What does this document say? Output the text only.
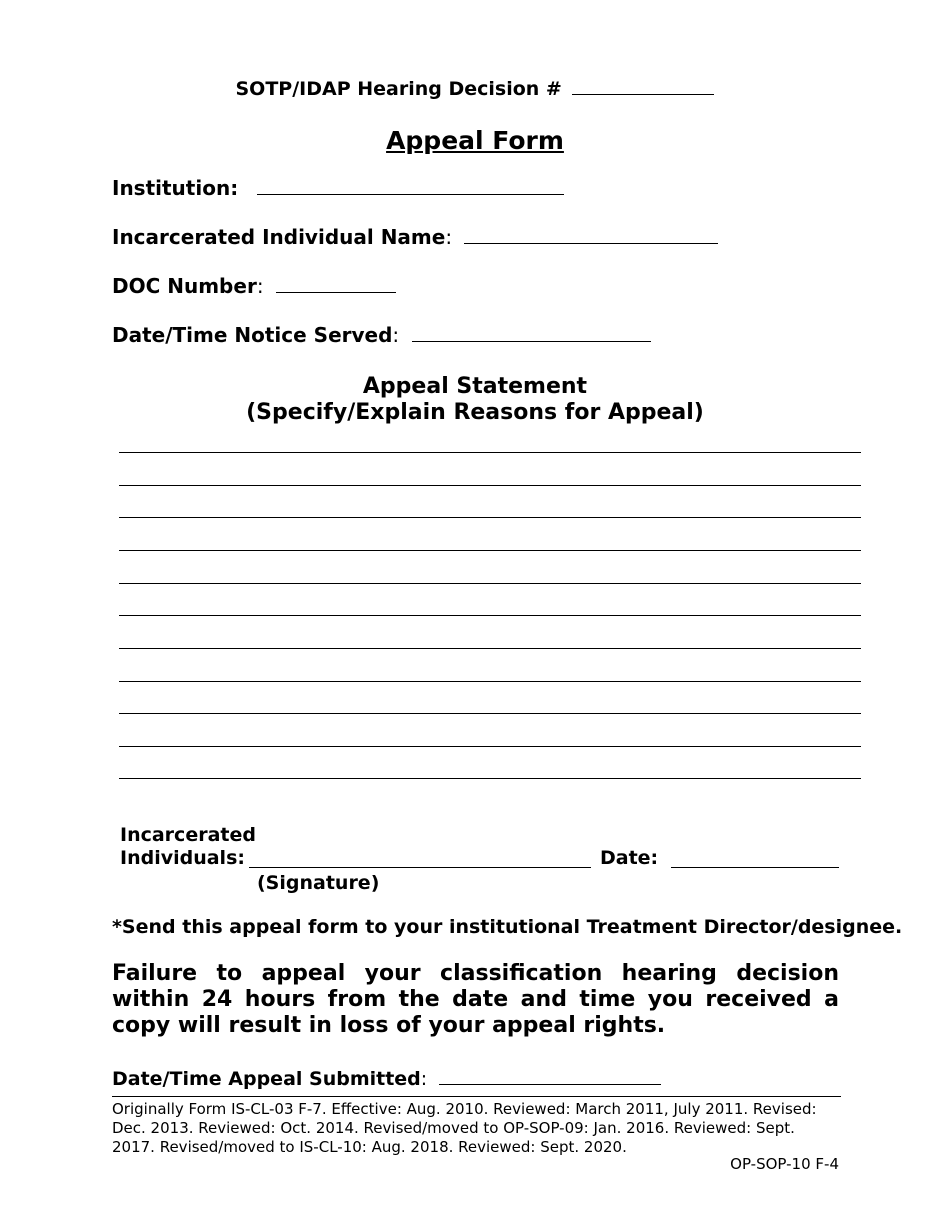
SOTP/IDAP Hearing Decision #
Appeal Form
Institution:
Incarcerated Individual Name:
DOC Number:
Date/Time Notice Served:
Appeal Statement
(Specify/Explain Reasons for Appeal)
Incarcerated
Individuals:
(Signature)
Date:
*Send this appeal form to your institutional Treatment Director/designee.
Failure to appeal your classification hearing decision within 24 hours from the date and time you received a copy will result in loss of your appeal rights.
Date/Time Appeal Submitted:
Originally Form IS-CL-03 F-7. Effective: Aug. 2010. Reviewed: March 2011, July 2011. Revised: Dec. 2013. Reviewed: Oct. 2014. Revised/moved to OP-SOP-09: Jan. 2016. Reviewed: Sept. 2017. Revised/moved to IS-CL-10: Aug. 2018. Reviewed: Sept. 2020.
OP-SOP-10 F-4
